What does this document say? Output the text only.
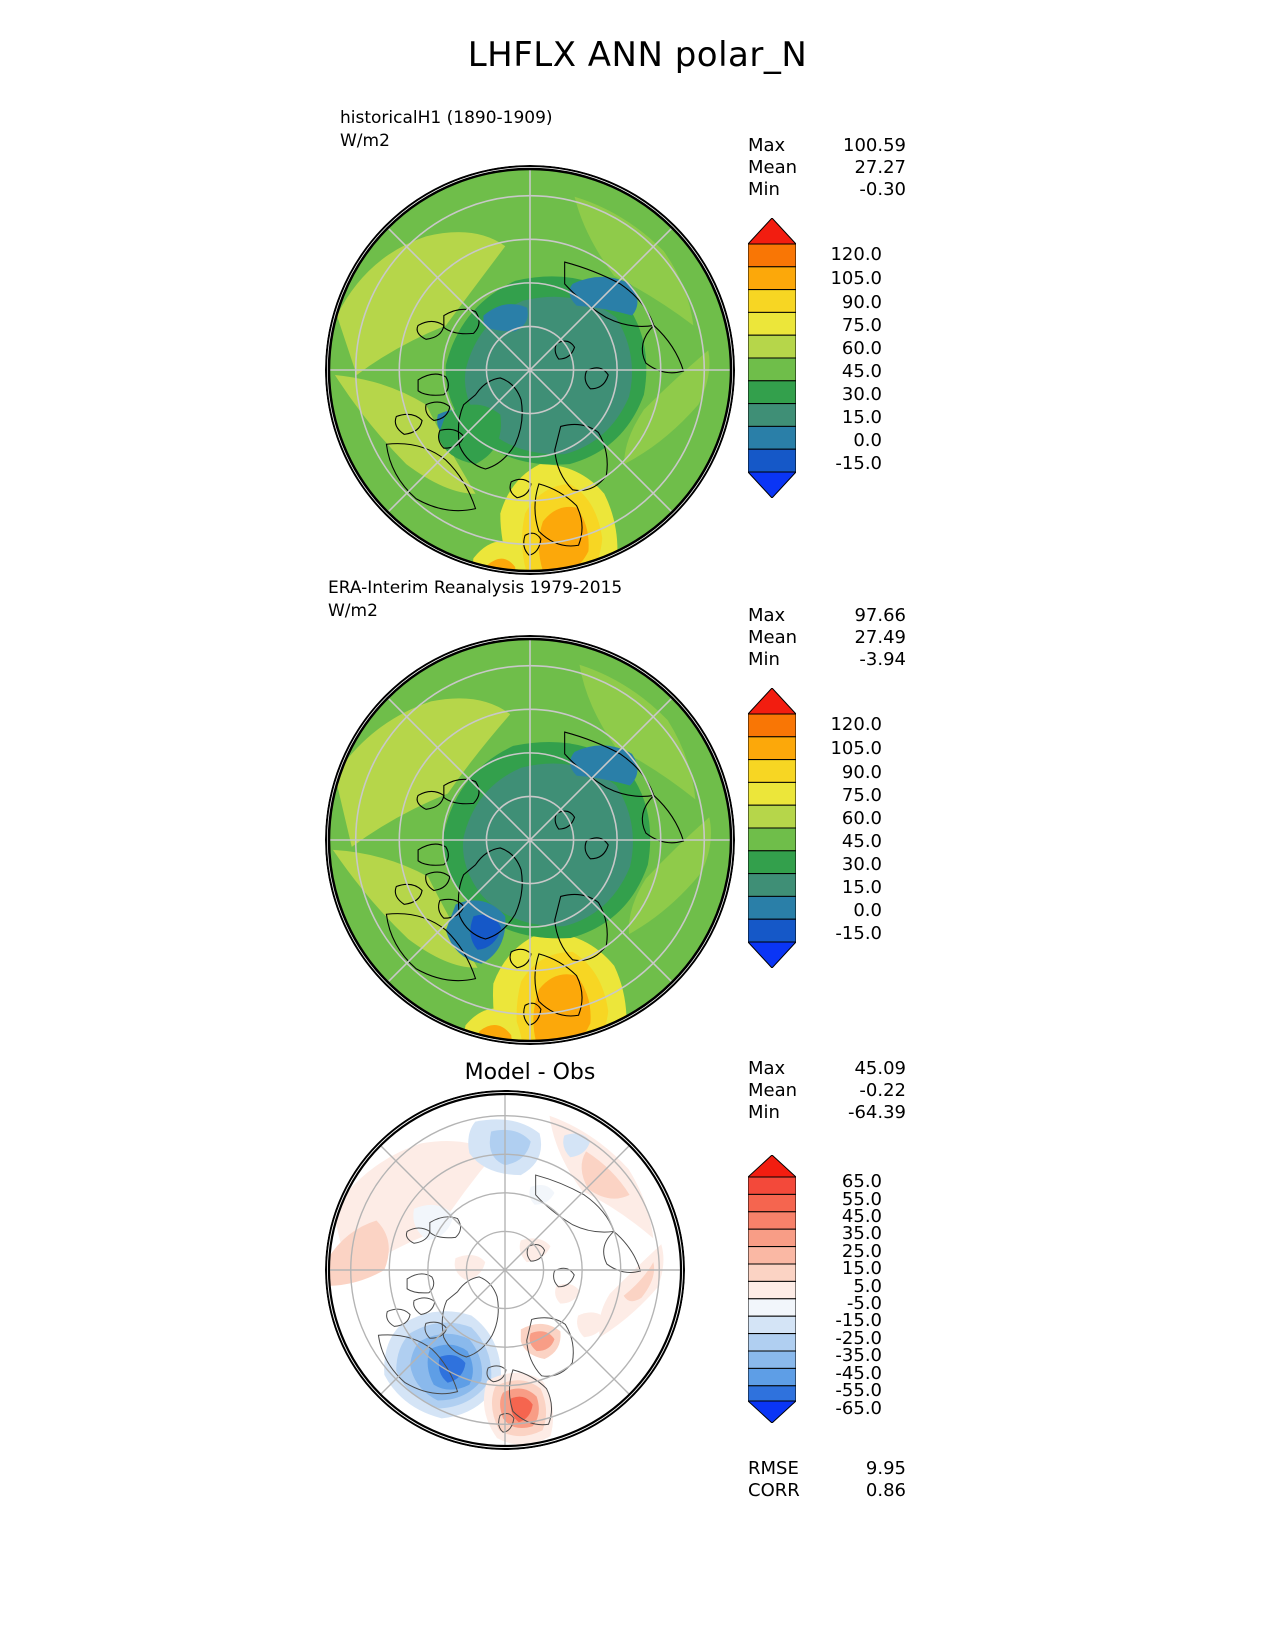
LHFLX ANN polar_N
historicalH1 (1890-1909)
W/m2	Max	100.59
Mean	27.27
Min	-0.30
120.0
105.0
90.0
75.0
60.0
45.0
30.0
15.0
0.0
-15.0
ERA-Interim Reanalysis 1979-2015
W/m2	Max	97.66
Mean	27.49
Min	-3.94
120.0
105.0
90.0
75.0
60.0
45.0
30.0
15.0
0.0
-15.0
Model - Obs	Max	45.09
Mean	-0.22
Min	-64.39
65.0
55.0
45.0
35.0
25.0
15.0
5.0
-5.0
-15.0
-25.0
-35.0
-45.0
-55.0
-65.0
RMSE	9.95
CORR	0.86
